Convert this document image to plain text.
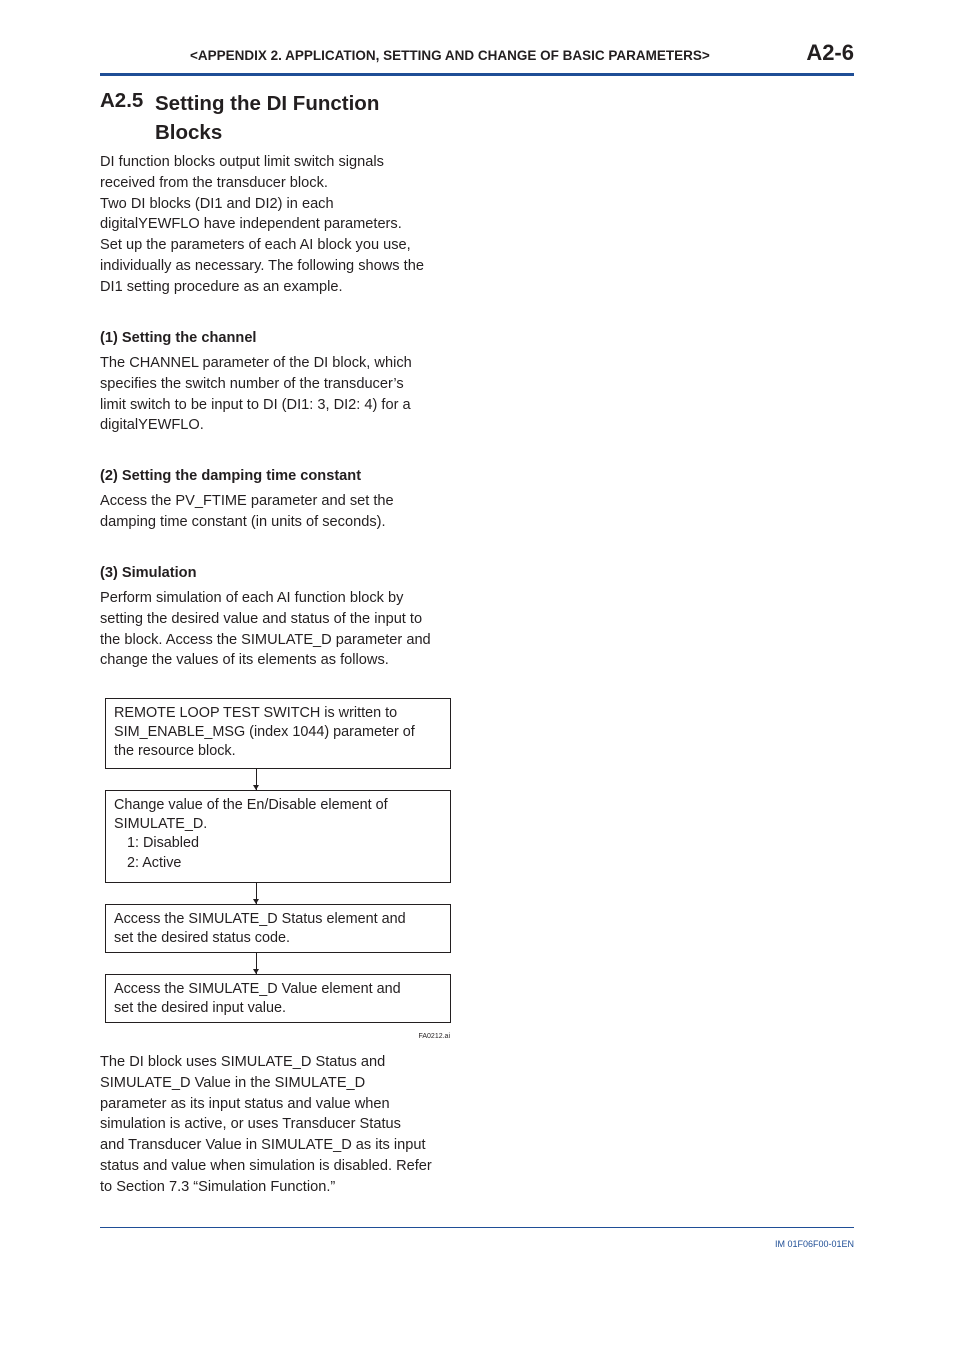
<APPENDIX 2. APPLICATION, SETTING AND CHANGE OF BASIC PARAMETERS>	A2-6
A2.5 Setting the DI Function
Blocks
DI function blocks output limit switch signals
received from the transducer block.
Two DI blocks (DI1 and DI2) in each
digitalYEWFLO have independent parameters.
Set up the parameters of each AI block you use,
individually as necessary. The following shows the
DI1 setting procedure as an example.
(1) Setting the channel
The CHANNEL parameter of the DI block, which
specifies the switch number of the transducer’s
limit switch to be input to DI (DI1: 3, DI2: 4) for a
digitalYEWFLO.
(2) Setting the damping time constant
Access the PV_FTIME parameter and set the
damping time constant (in units of seconds).
(3) Simulation
Perform simulation of each AI function block by
setting the desired value and status of the input to
the block. Access the SIMULATE_D parameter and
change the values of its elements as follows.
REMOTE LOOP TEST SWITCH is written to
SIM_ENABLE_MSG (index 1044) parameter of
the resource block.
Change value of the En/Disable element of
SIMULATE_D.
1: Disabled
2: Active
Access the SIMULATE_D Status element and
set the desired status code.
Access the SIMULATE_D Value element and
set the desired input value.
FA0212.ai
The DI block uses SIMULATE_D Status and
SIMULATE_D Value in the SIMULATE_D
parameter as its input status and value when
simulation is active, or uses Transducer Status
and Transducer Value in SIMULATE_D as its input
status and value when simulation is disabled. Refer
to Section 7.3 “Simulation Function.”
IM 01F06F00-01EN
